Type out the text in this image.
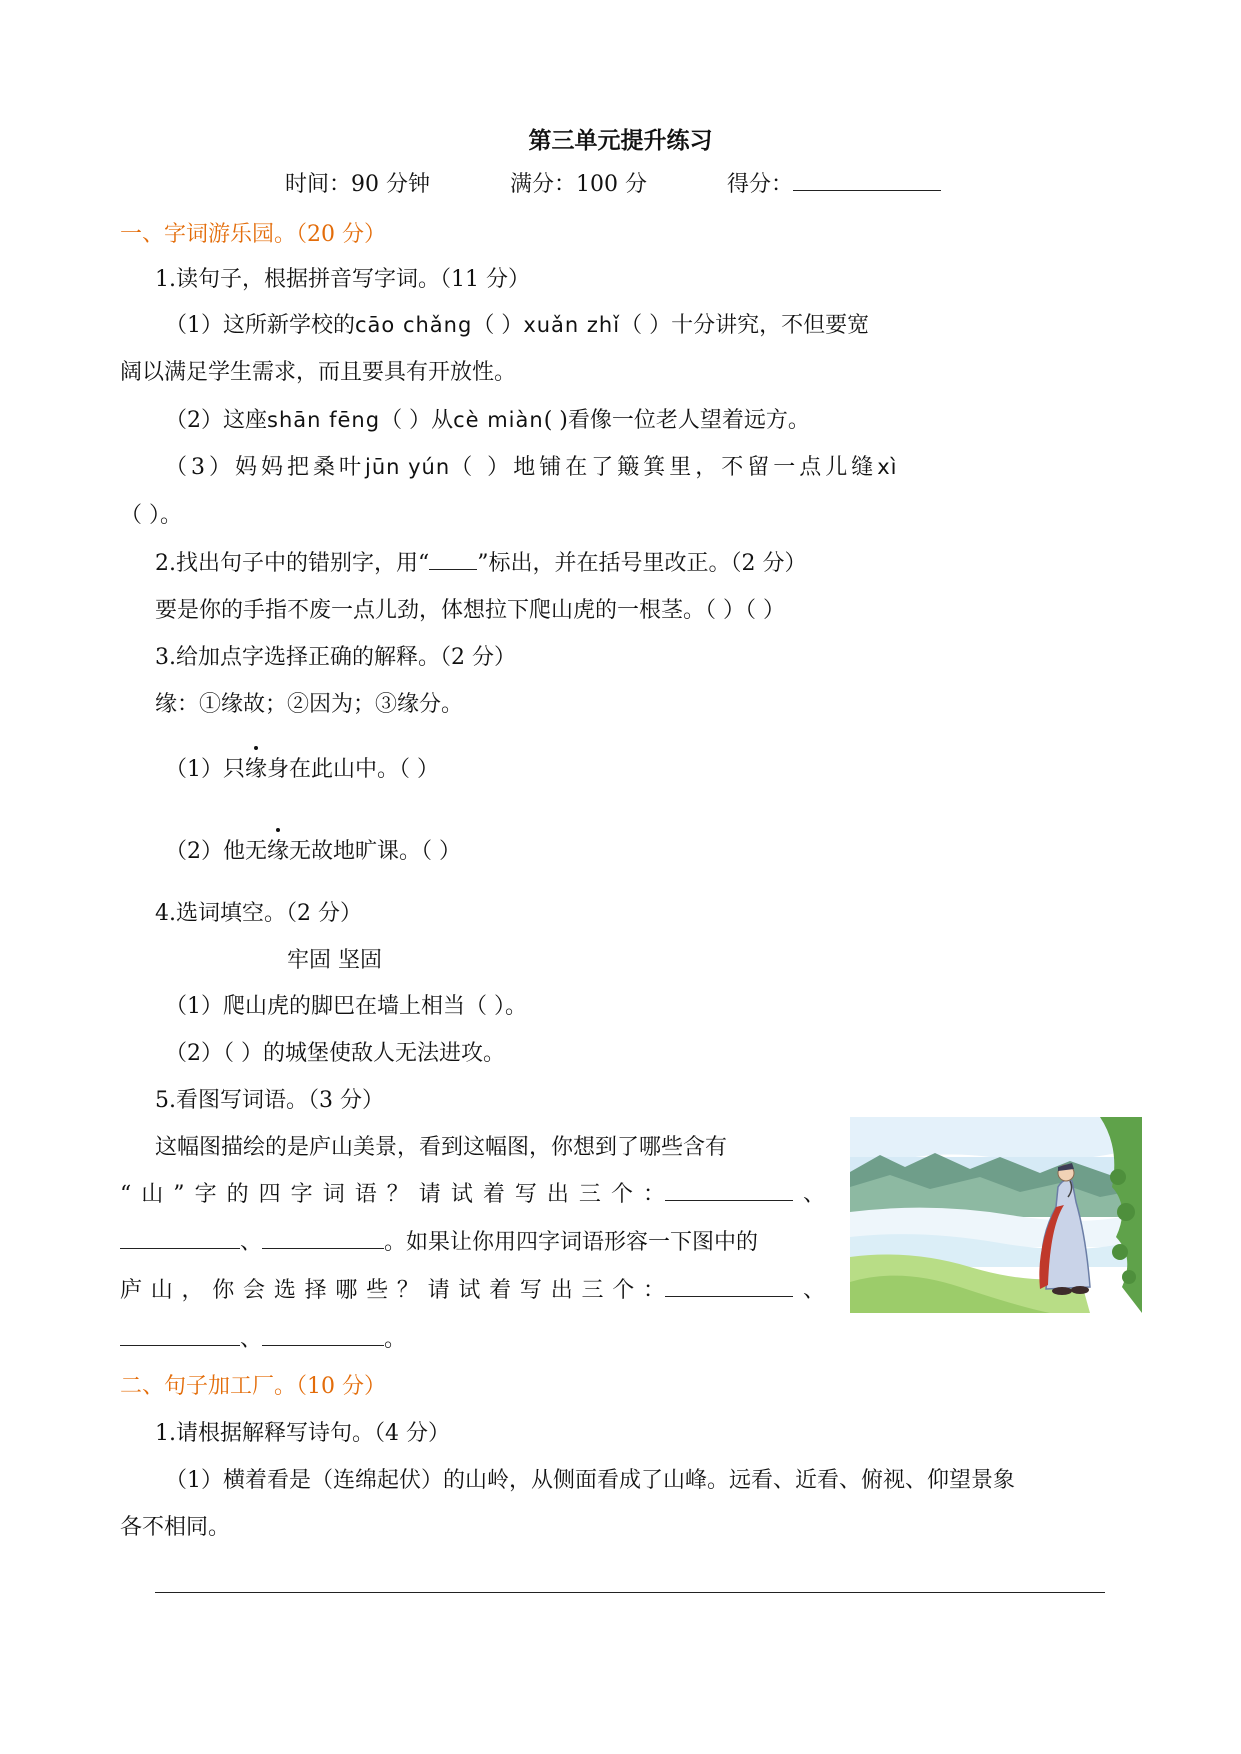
第三单元提升练习
时间：90 分钟	满分：100 分	得分：
一、字词游乐园。（20 分）
1.读句子，根据拼音写字词。（11 分）
（1）这所新学校的cāo chǎng（ ）xuǎn zhǐ（ ）十分讲究，不但要宽
阔以满足学生需求，而且要具有开放性。
（2）这座shān fēng（ ）从cè miàn( )看像一位老人望着远方。
（3）妈妈把桑叶jūn yún（ ）地铺在了簸箕里，不留一点儿缝xì
（ ）。
2.找出句子中的错别字，用“ ”标出，并在括号里改正。（2 分）
要是你的手指不废一点儿劲，体想拉下爬山虎的一根茎。（ ）（ ）
3.给加点字选择正确的解释。（2 分）
缘：①缘故；②因为；③缘分。
（1）只
缘身在此山中。（ ）
（2）他无
缘无故地旷课。（ ）
4.选词填空。（2 分）
牢固 坚固
（1）爬山虎的脚巴在墙上相当（ ）。
（2）（ ）的城堡使敌人无法进攻。
5.看图写词语。（3 分）
这幅图描绘的是庐山美景，看到这幅图，你想到了哪些含有
“山”字的四字词语？请试着写出三个：	、
、	。如果让你用四字词语形容一下图中的
庐山，你会选择哪些？请试着写出三个：	、
、	。
二、句子加工厂。（10 分）
1.请根据解释写诗句。（4 分）
（1）横着看是（连绵起伏）的山岭，从侧面看成了山峰。远看、近看、俯视、仰望景象
各不相同。
